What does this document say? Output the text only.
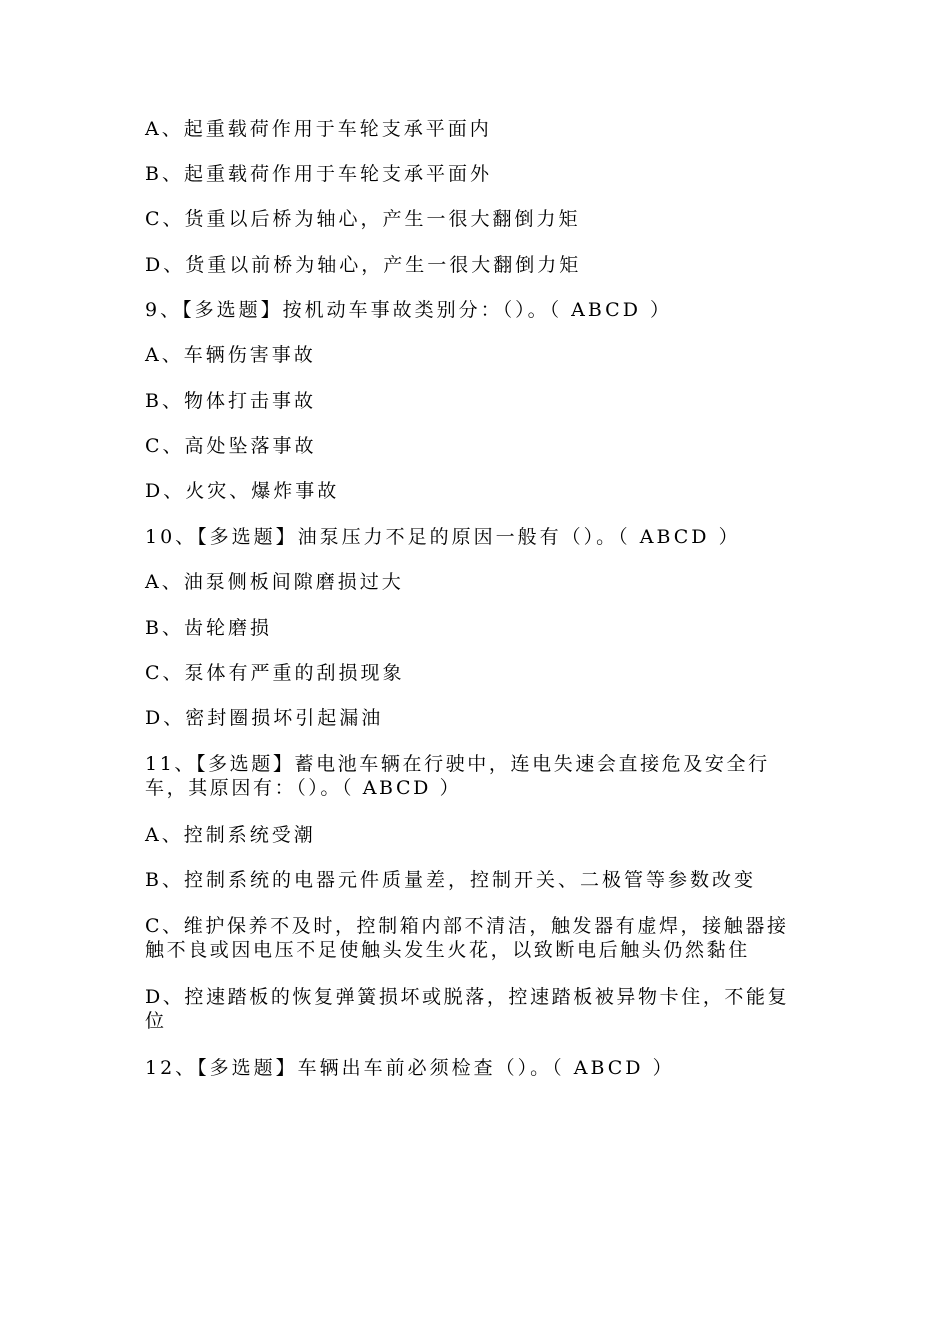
A、起重载荷作用于车轮支承平面内
B、起重载荷作用于车轮支承平面外
C、货重以后桥为轴心，产生一很大翻倒力矩
D、货重以前桥为轴心，产生一很大翻倒力矩
9、【多选题】按机动车事故类别分：（）。（ ABCD ）
A、车辆伤害事故
B、物体打击事故
C、高处坠落事故
D、火灾、爆炸事故
10、【多选题】油泵压力不足的原因一般有（）。（ ABCD ）
A、油泵侧板间隙磨损过大
B、齿轮磨损
C、泵体有严重的刮损现象
D、密封圈损坏引起漏油
11、【多选题】蓄电池车辆在行驶中，连电失速会直接危及安全行车，其原因有：（）。（ ABCD ）
A、控制系统受潮
B、控制系统的电器元件质量差，控制开关、二极管等参数改变
C、维护保养不及时，控制箱内部不清洁，触发器有虚焊，接触器接触不良或因电压不足使触头发生火花，以致断电后触头仍然黏住
D、控速踏板的恢复弹簧损坏或脱落，控速踏板被异物卡住，不能复位
12、【多选题】车辆出车前必须检查（）。（ ABCD ）
